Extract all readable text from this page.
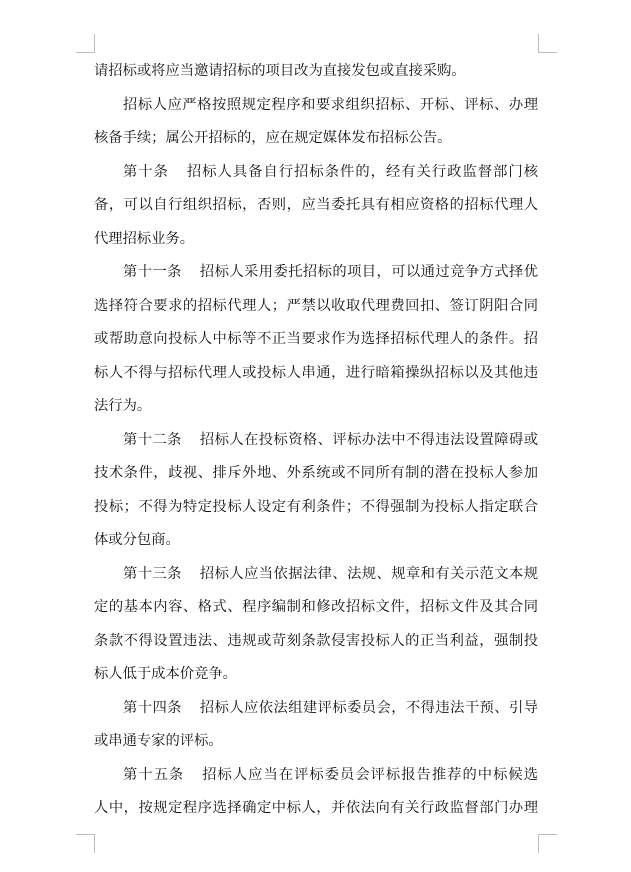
请招标或将应当邀请招标的项目改为直接发包或直接采购。
招标人应严格按照规定程序和要求组织招标、开标、评标、办理
核备手续；属公开招标的，应在规定媒体发布招标公告。
第十条 招标人具备自行招标条件的，经有关行政监督部门核
备，可以自行组织招标，否则，应当委托具有相应资格的招标代理人
代理招标业务。
第十一条 招标人采用委托招标的项目，可以通过竞争方式择优
选择符合要求的招标代理人；严禁以收取代理费回扣、签订阴阳合同
或帮助意向投标人中标等不正当要求作为选择招标代理人的条件。招
标人不得与招标代理人或投标人串通，进行暗箱操纵招标以及其他违
法行为。
第十二条 招标人在投标资格、评标办法中不得违法设置障碍或
技术条件，歧视、排斥外地、外系统或不同所有制的潜在投标人参加
投标；不得为特定投标人设定有利条件；不得强制为投标人指定联合
体或分包商。
第十三条 招标人应当依据法律、法规、规章和有关示范文本规
定的基本内容、格式、程序编制和修改招标文件，招标文件及其合同
条款不得设置违法、违规或苛刻条款侵害投标人的正当利益，强制投
标人低于成本价竞争。
第十四条 招标人应依法组建评标委员会，不得违法干预、引导
或串通专家的评标。
第十五条 招标人应当在评标委员会评标报告推荐的中标候选
人中，按规定程序选择确定中标人，并依法向有关行政监督部门办理
